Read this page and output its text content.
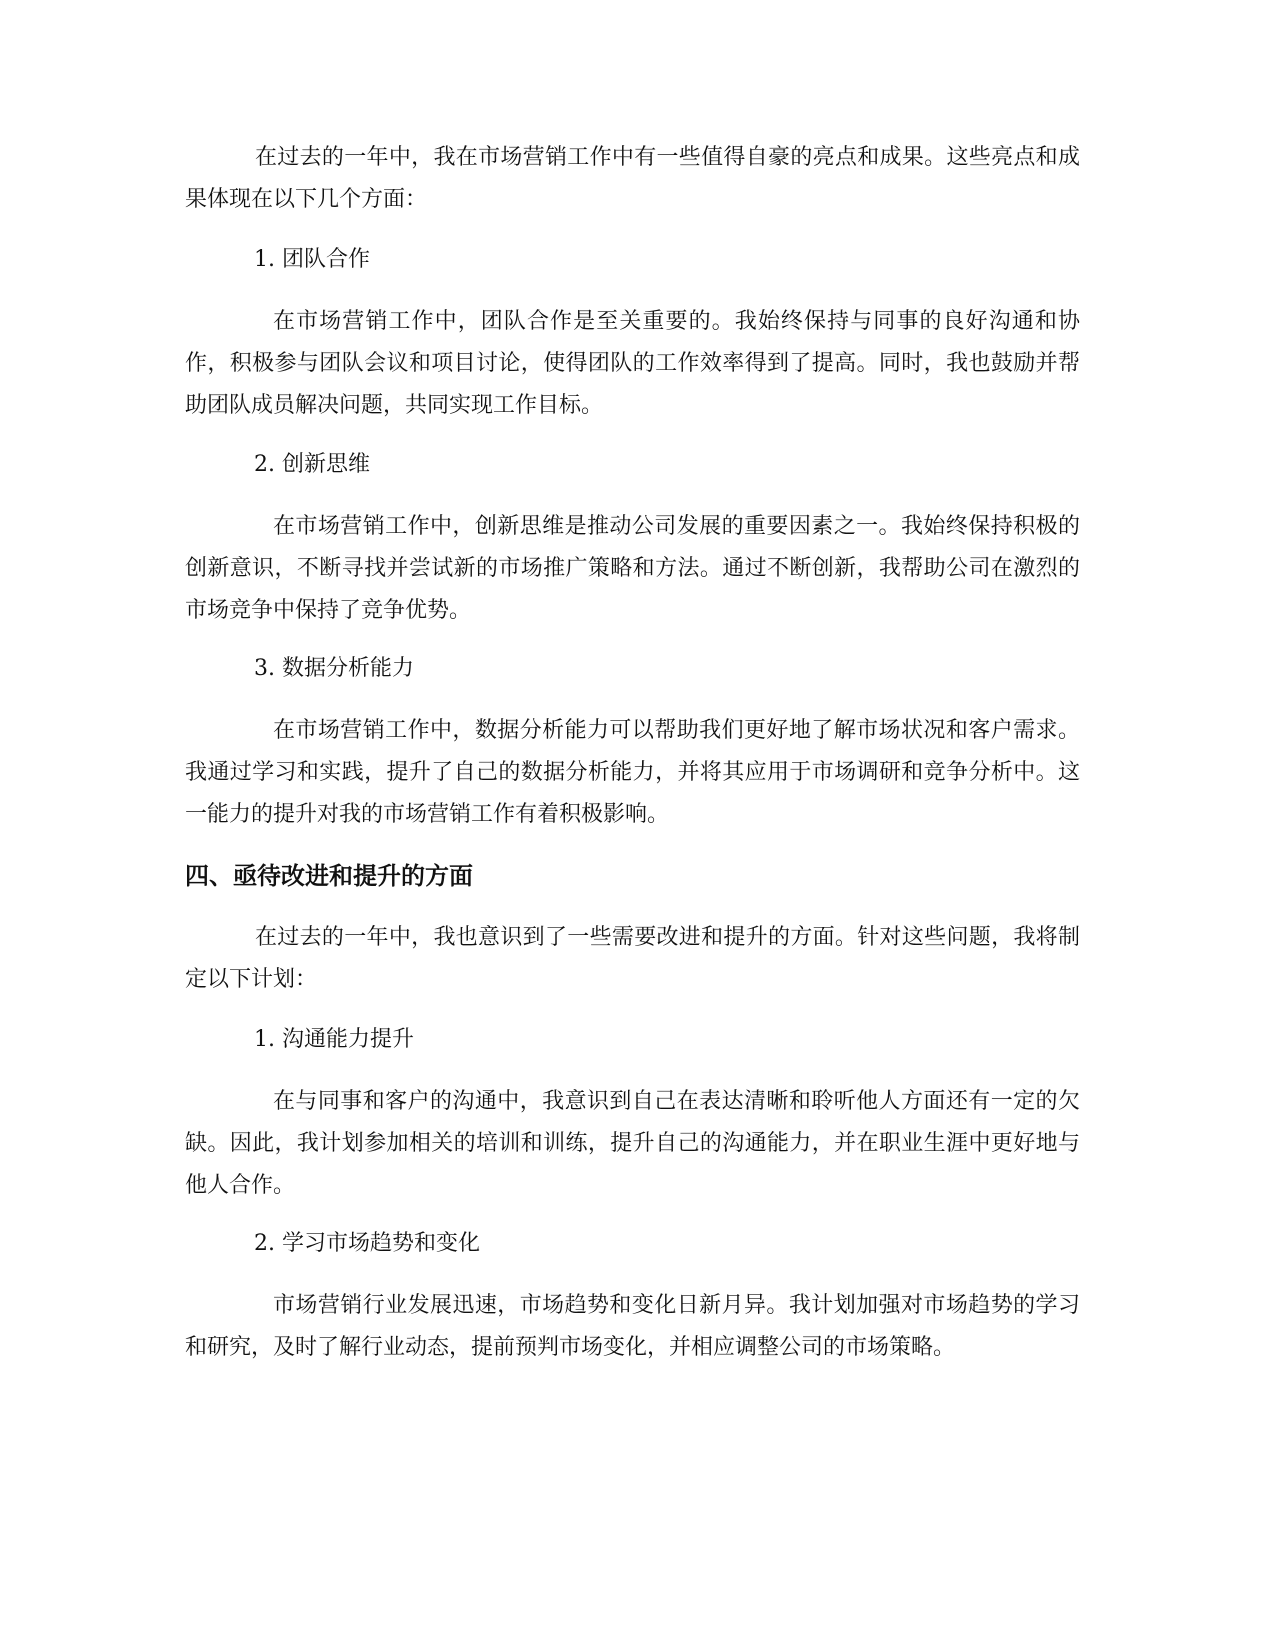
在过去的一年中，我在市场营销工作中有一些值得自豪的亮点和成果。这些亮点和成果体现在以下几个方面：

1. 团队合作

在市场营销工作中，团队合作是至关重要的。我始终保持与同事的良好沟通和协作，积极参与团队会议和项目讨论，使得团队的工作效率得到了提高。同时，我也鼓励并帮助团队成员解决问题，共同实现工作目标。

2. 创新思维

在市场营销工作中，创新思维是推动公司发展的重要因素之一。我始终保持积极的创新意识，不断寻找并尝试新的市场推广策略和方法。通过不断创新，我帮助公司在激烈的市场竞争中保持了竞争优势。

3. 数据分析能力

在市场营销工作中，数据分析能力可以帮助我们更好地了解市场状况和客户需求。我通过学习和实践，提升了自己的数据分析能力，并将其应用于市场调研和竞争分析中。这一能力的提升对我的市场营销工作有着积极影响。

四、亟待改进和提升的方面

在过去的一年中，我也意识到了一些需要改进和提升的方面。针对这些问题，我将制定以下计划：

1. 沟通能力提升

在与同事和客户的沟通中，我意识到自己在表达清晰和聆听他人方面还有一定的欠缺。因此，我计划参加相关的培训和训练，提升自己的沟通能力，并在职业生涯中更好地与他人合作。

2. 学习市场趋势和变化

市场营销行业发展迅速，市场趋势和变化日新月异。我计划加强对市场趋势的学习和研究，及时了解行业动态，提前预判市场变化，并相应调整公司的市场策略。
